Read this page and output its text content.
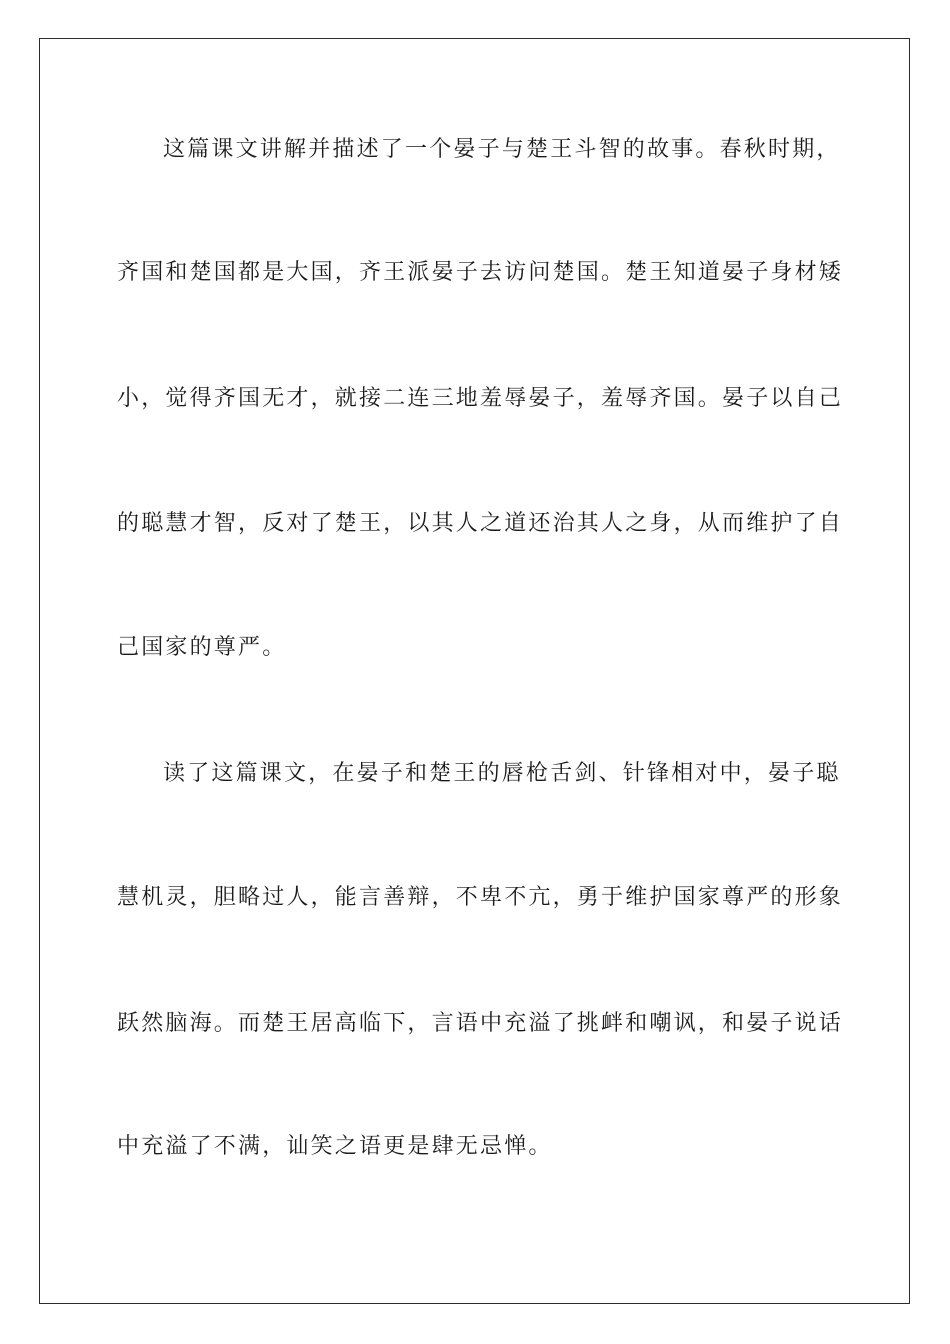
这篇课文讲解并描述了一个晏子与楚王斗智的故事。春秋时期，
齐国和楚国都是大国，齐王派晏子去访问楚国。楚王知道晏子身材矮
小，觉得齐国无才，就接二连三地羞辱晏子，羞辱齐国。晏子以自己
的聪慧才智，反对了楚王，以其人之道还治其人之身，从而维护了自
己国家的尊严。
读了这篇课文，在晏子和楚王的唇枪舌剑、针锋相对中，晏子聪
慧机灵，胆略过人，能言善辩，不卑不亢，勇于维护国家尊严的形象
跃然脑海。而楚王居高临下，言语中充溢了挑衅和嘲讽，和晏子说话
中充溢了不满，讪笑之语更是肆无忌惮。
